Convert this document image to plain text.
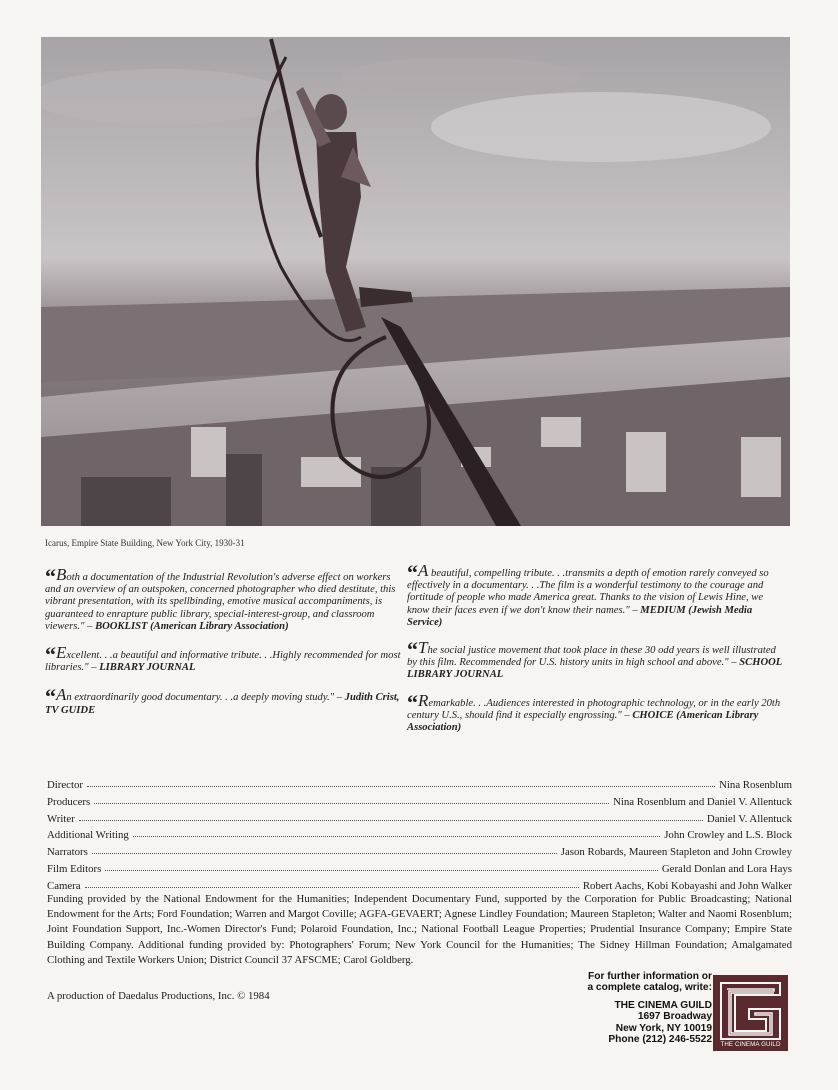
Icarus, Empire State Building, New York City, 1930-31

“Both a documentation of the Industrial Revolution's adverse effect on workers and an overview of an outspoken, concerned photographer who died destitute, this vibrant presentation, with its spellbinding, emotive musical accompaniments, is guaranteed to enrapture public library, special-interest-group, and classroom viewers." – BOOKLIST (American Library Association)

“Excellent. . .a beautiful and informative tribute. . .Highly recommended for most libraries." – LIBRARY JOURNAL

“An extraordinarily good documentary. . .a deeply moving study." – Judith Crist, TV GUIDE

“A beautiful, compelling tribute. . .transmits a depth of emotion rarely conveyed so effectively in a documentary. . .The film is a wonderful testimony to the courage and fortitude of people who made America great. Thanks to the vision of Lewis Hine, we know their faces even if we don't know their names." – MEDIUM (Jewish Media Service)

“The social justice movement that took place in these 30 odd years is well illustrated by this film. Recommended for U.S. history units in high school and above." – SCHOOL LIBRARY JOURNAL

“Remarkable. . .Audiences interested in photographic technology, or in the early 20th century U.S., should find it especially engrossing." – CHOICE (American Library Association)

Director	Nina Rosenblum
Producers	Nina Rosenblum and Daniel V. Allentuck
Writer	Daniel V. Allentuck
Additional Writing	John Crowley and L.S. Block
Narrators	Jason Robards, Maureen Stapleton and John Crowley
Film Editors	Gerald Donlan and Lora Hays
Camera	Robert Aachs, Kobi Kobayashi and John Walker

Funding provided by the National Endowment for the Humanities; Independent Documentary Fund, supported by the Corporation for Public Broadcasting; National Endowment for the Arts; Ford Foundation; Warren and Margot Coville; AGFA-GEVAERT; Agnese Lindley Foundation; Maureen Stapleton; Walter and Naomi Rosenblum; Joint Foundation Support, Inc.-Women Director's Fund; Polaroid Foundation, Inc.; National Football League Properties; Prudential Insurance Company; Empire State Building Company. Additional funding provided by: Photographers' Forum; New York Council for the Humanities; The Sidney Hillman Foundation; Amalgamated Clothing and Textile Workers Union; District Council 37 AFSCME; Carol Goldberg.

A production of Daedalus Productions, Inc. © 1984
For further information or
a complete catalog, write:
THE CINEMA GUILD
1697 Broadway
New York, NY 10019
Phone (212) 246-5522	THE CINEMA GUILD
